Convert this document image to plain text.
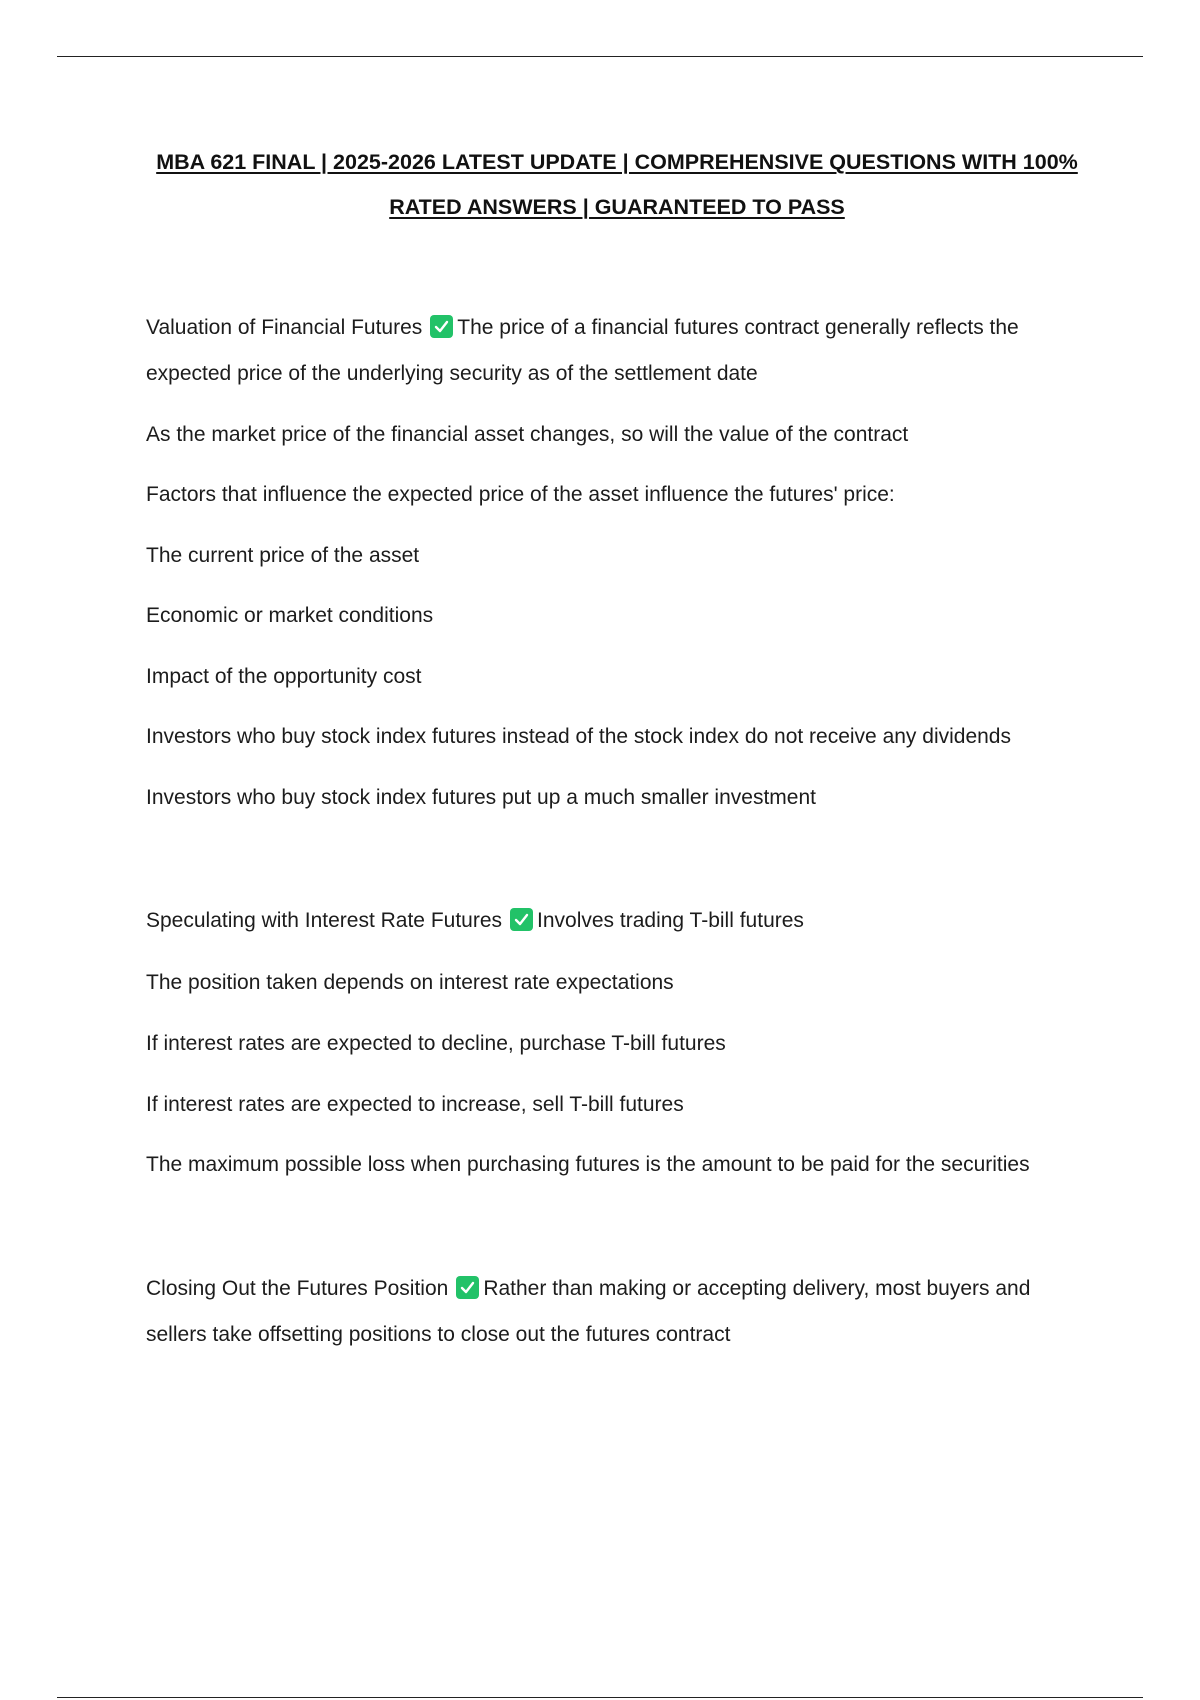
MBA 621 FINAL | 2025-2026 LATEST UPDATE | COMPREHENSIVE QUESTIONS WITH 100%
RATED ANSWERS | GUARANTEED TO PASS
Valuation of Financial Futures The price of a financial futures contract generally reflects the
expected price of the underlying security as of the settlement date
As the market price of the financial asset changes, so will the value of the contract
Factors that influence the expected price of the asset influence the futures' price:
The current price of the asset
Economic or market conditions
Impact of the opportunity cost
Investors who buy stock index futures instead of the stock index do not receive any dividends
Investors who buy stock index futures put up a much smaller investment
Speculating with Interest Rate Futures Involves trading T-bill futures
The position taken depends on interest rate expectations
If interest rates are expected to decline, purchase T-bill futures
If interest rates are expected to increase, sell T-bill futures
The maximum possible loss when purchasing futures is the amount to be paid for the securities
Closing Out the Futures Position Rather than making or accepting delivery, most buyers and
sellers take offsetting positions to close out the futures contract
